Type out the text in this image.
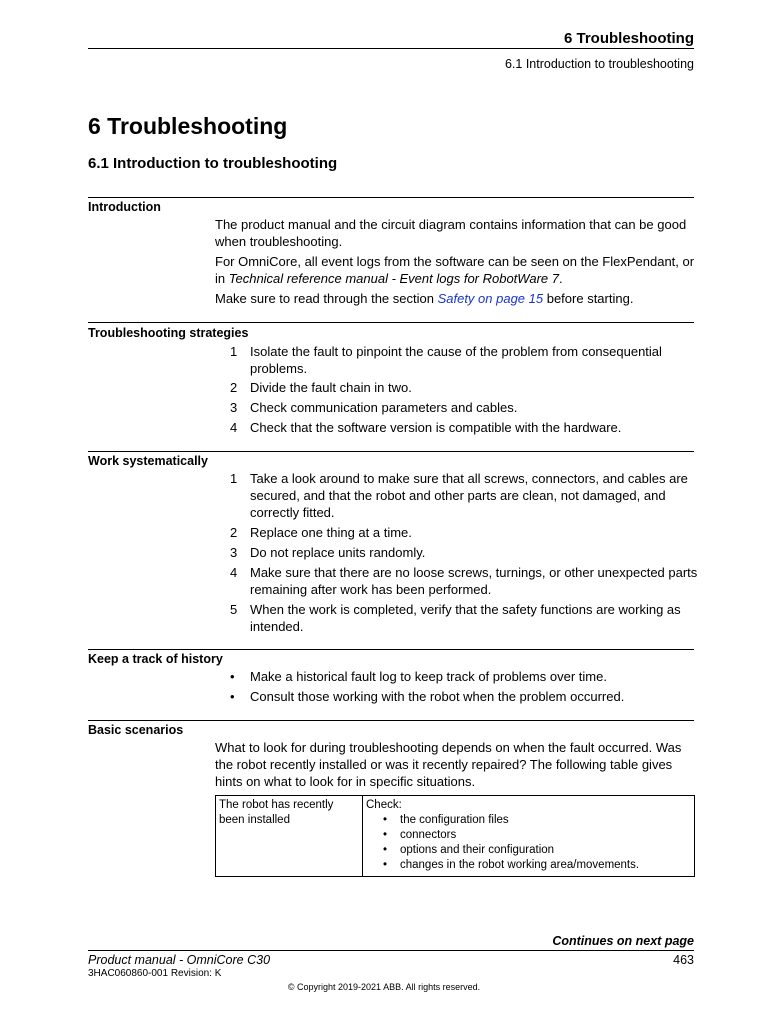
6 Troubleshooting
6.1 Introduction to troubleshooting
6 Troubleshooting
6.1 Introduction to troubleshooting
Introduction
The product manual and the circuit diagram contains information that can be good when troubleshooting.
For OmniCore, all event logs from the software can be seen on the FlexPendant, or in Technical reference manual - Event logs for RobotWare 7.
Make sure to read through the section Safety on page 15 before starting.
Troubleshooting strategies
1 Isolate the fault to pinpoint the cause of the problem from consequential problems.
2 Divide the fault chain in two.
3 Check communication parameters and cables.
4 Check that the software version is compatible with the hardware.
Work systematically
1 Take a look around to make sure that all screws, connectors, and cables are secured, and that the robot and other parts are clean, not damaged, and correctly fitted.
2 Replace one thing at a time.
3 Do not replace units randomly.
4 Make sure that there are no loose screws, turnings, or other unexpected parts remaining after work has been performed.
5 When the work is completed, verify that the safety functions are working as intended.
Keep a track of history
•	Make a historical fault log to keep track of problems over time.
•	Consult those working with the robot when the problem occurred.
Basic scenarios
What to look for during troubleshooting depends on when the fault occurred. Was the robot recently installed or was it recently repaired? The following table gives hints on what to look for in specific situations.
The robot has recently been installed	
Check:
• the configuration files
• connectors
• options and their configuration
• changes in the robot working area/movements.
Continues on next page
Product manual - OmniCore C30	463
3HAC060860-001 Revision: K
© Copyright 2019-2021 ABB. All rights reserved.
